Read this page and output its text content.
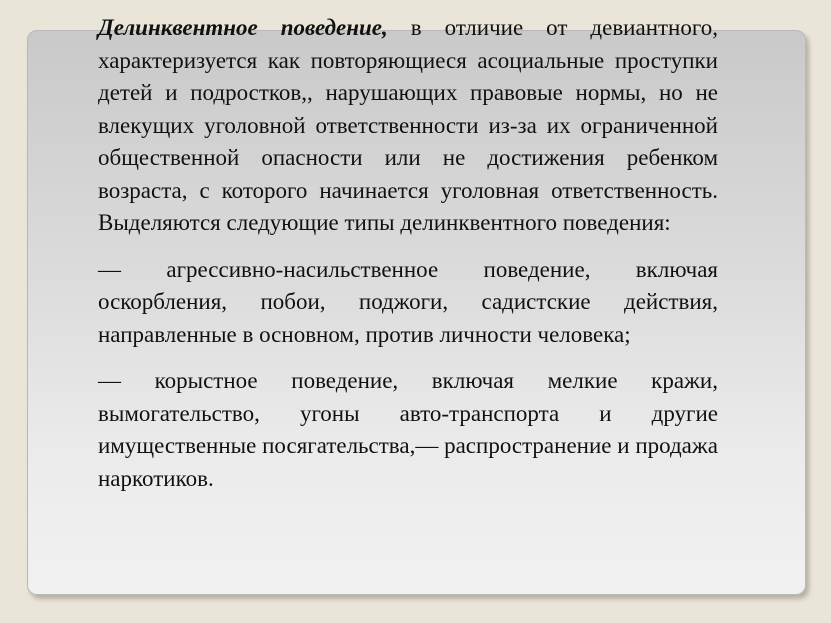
Делинквентное поведение, в отличие от девиантного, характеризуется как повторяющиеся асоциальные проступки детей и подростков,, нарушающих правовые нормы, но не влекущих уголовной ответственности из-за их ограниченной общественной опасности или не достижения ребенком возраста, с которого начинается уголовная ответственность. Выделяются следующие типы делинквентного поведения:

— агрессивно-насильственное поведение, включая оскорбления, побои, поджоги, садистские действия, направленные в основном, против личности человека;

— корыстное поведение, включая мелкие кражи, вымогательство, угоны авто-транспорта и другие имущественные посягательства,— распространение и продажа наркотиков.
